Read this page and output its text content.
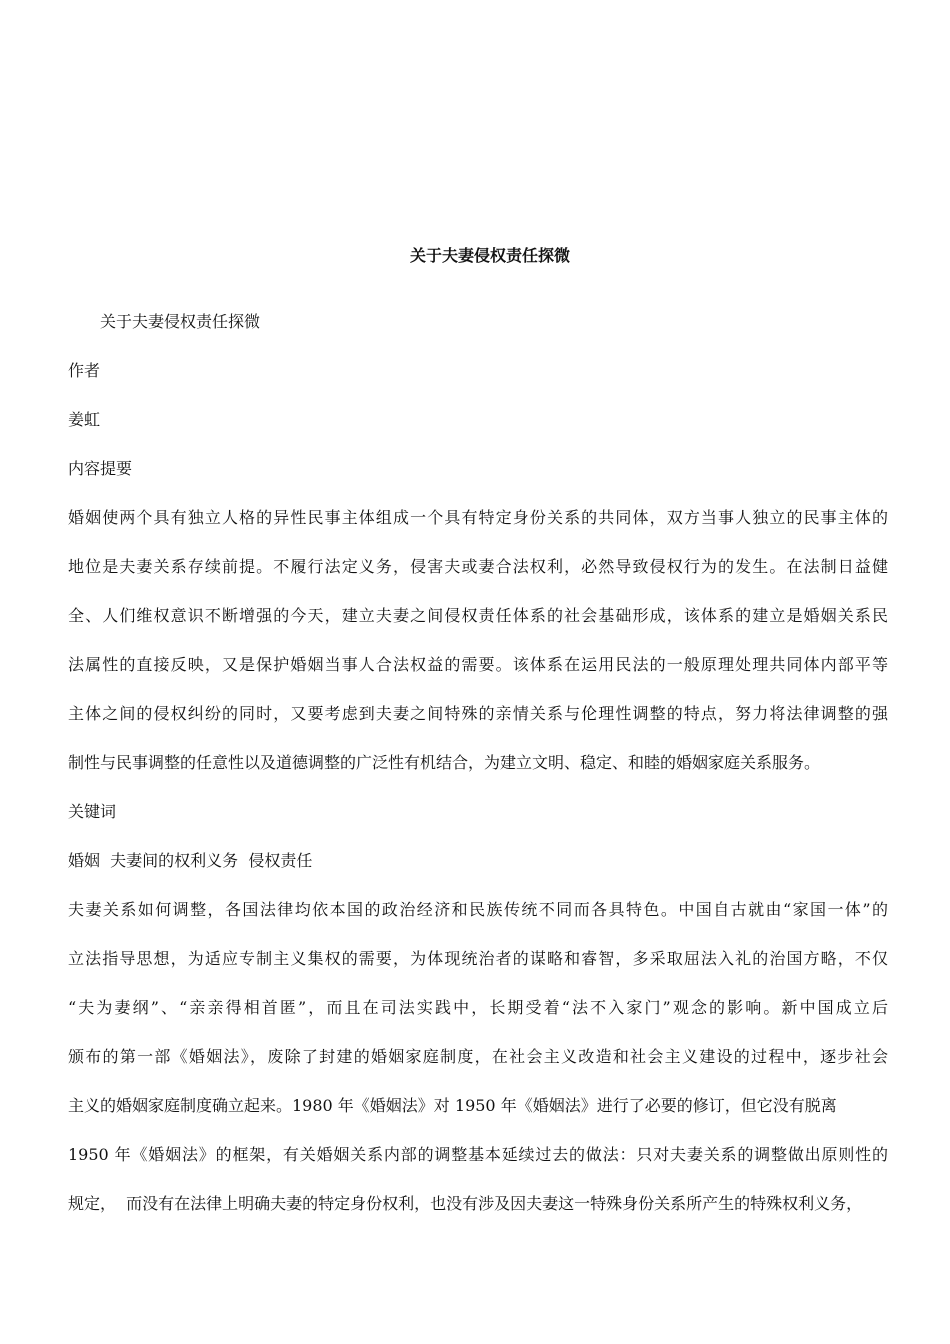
关于夫妻侵权责任探微
关于夫妻侵权责任探微
作者
姜虹
内容提要
婚姻使两个具有独立人格的异性民事主体组成一个具有特定身份关系的共同体，双方当事人独立的民事主体的
地位是夫妻关系存续前提。不履行法定义务，侵害夫或妻合法权利，必然导致侵权行为的发生。在法制日益健
全、人们维权意识不断增强的今天，建立夫妻之间侵权责任体系的社会基础形成，该体系的建立是婚姻关系民
法属性的直接反映，又是保护婚姻当事人合法权益的需要。该体系在运用民法的一般原理处理共同体内部平等
主体之间的侵权纠纷的同时，又要考虑到夫妻之间特殊的亲情关系与伦理性调整的特点，努力将法律调整的强
制性与民事调整的任意性以及道德调整的广泛性有机结合，为建立文明、稳定、和睦的婚姻家庭关系服务。
关键词
婚姻  夫妻间的权利义务  侵权责任
夫妻关系如何调整，各国法律均依本国的政治经济和民族传统不同而各具特色。中国自古就由“家国一体”的
立法指导思想，为适应专制主义集权的需要，为体现统治者的谋略和睿智，多采取屈法入礼的治国方略，不仅
“夫为妻纲”、“亲亲得相首匿”，而且在司法实践中，长期受着“法不入家门”观念的影响。新中国成立后
颁布的第一部《婚姻法》，废除了封建的婚姻家庭制度，在社会主义改造和社会主义建设的过程中，逐步社会
主义的婚姻家庭制度确立起来。1980 年《婚姻法》对 1950 年《婚姻法》进行了必要的修订，但它没有脱离
1950 年《婚姻法》的框架，有关婚姻关系内部的调整基本延续过去的做法：只对夫妻关系的调整做出原则性的
规定，  而没有在法律上明确夫妻的特定身份权利，也没有涉及因夫妻这一特殊身份关系所产生的特殊权利义务，
